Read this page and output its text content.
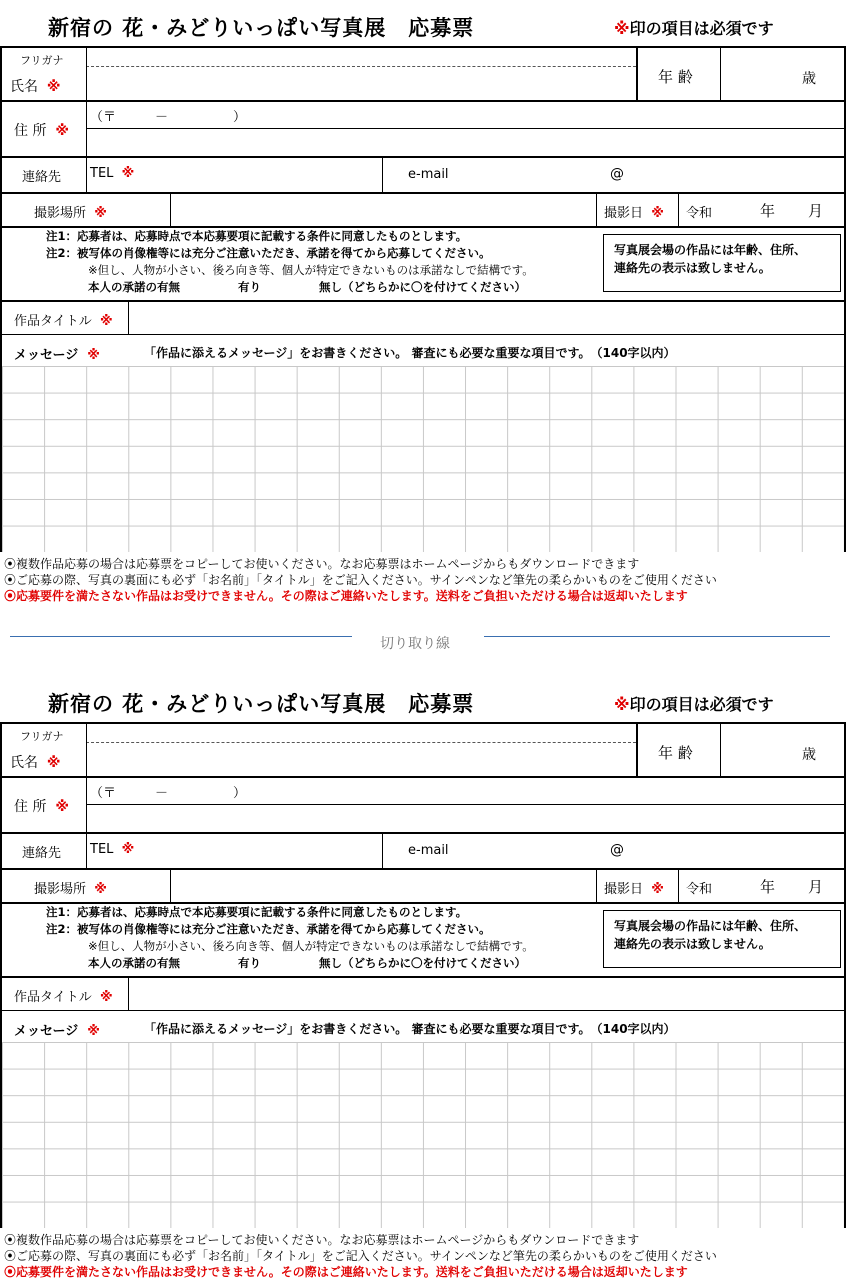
新宿の 花・みどりいっぱい写真展　応募票	※印の項目は必須です
フリガナ
氏名 ※
年 齢	歳
住 所 ※
（〒　　　－　　　　　）
連絡先 TEL ※	e-mail	@
撮影場所 ※	撮影日 ※ 令和	年 月
注1：応募者は、応募時点で本応募要項に記載する条件に同意したものとします。
注2：被写体の肖像権等には充分ご注意いただき、承諾を得てから応募してください。
※但し、人物が小さい、後ろ向き等、個人が特定できないものは承諾なしで結構です。
本人の承諾の有無	有り	無し（どちらかに〇を付けてください）
写真展会場の作品には年齢、住所、
連絡先の表示は致しません。
作品タイトル ※
メッセージ ※	「作品に添えるメッセージ」をお書きください。 審査にも必要な重要な項目です。　（140字以内）
⦿複数作品応募の場合は応募票をコピーしてお使いください。なお応募票はホームページからもダウンロードできます
⦿ご応募の際、写真の裏面にも必ず「お名前」「タイトル」をご記入ください。サインペンなど筆先の柔らかいものをご使用ください
⦿応募要件を満たさない作品はお受けできません。その際はご連絡いたします。送料をご負担いただける場合は返却いたします
切り取り線
新宿の 花・みどりいっぱい写真展　応募票	※印の項目は必須です
フリガナ
氏名 ※
年 齢	歳
住 所 ※
（〒　　　－　　　　　）
連絡先 TEL ※	e-mail	@
撮影場所 ※	撮影日 ※ 令和	年 月
注1：応募者は、応募時点で本応募要項に記載する条件に同意したものとします。
注2：被写体の肖像権等には充分ご注意いただき、承諾を得てから応募してください。
※但し、人物が小さい、後ろ向き等、個人が特定できないものは承諾なしで結構です。
本人の承諾の有無	有り	無し（どちらかに〇を付けてください）
写真展会場の作品には年齢、住所、
連絡先の表示は致しません。
作品タイトル ※
メッセージ ※	「作品に添えるメッセージ」をお書きください。 審査にも必要な重要な項目です。　（140字以内）
⦿複数作品応募の場合は応募票をコピーしてお使いください。なお応募票はホームページからもダウンロードできます
⦿ご応募の際、写真の裏面にも必ず「お名前」「タイトル」をご記入ください。サインペンなど筆先の柔らかいものをご使用ください
⦿応募要件を満たさない作品はお受けできません。その際はご連絡いたします。送料をご負担いただける場合は返却いたします
